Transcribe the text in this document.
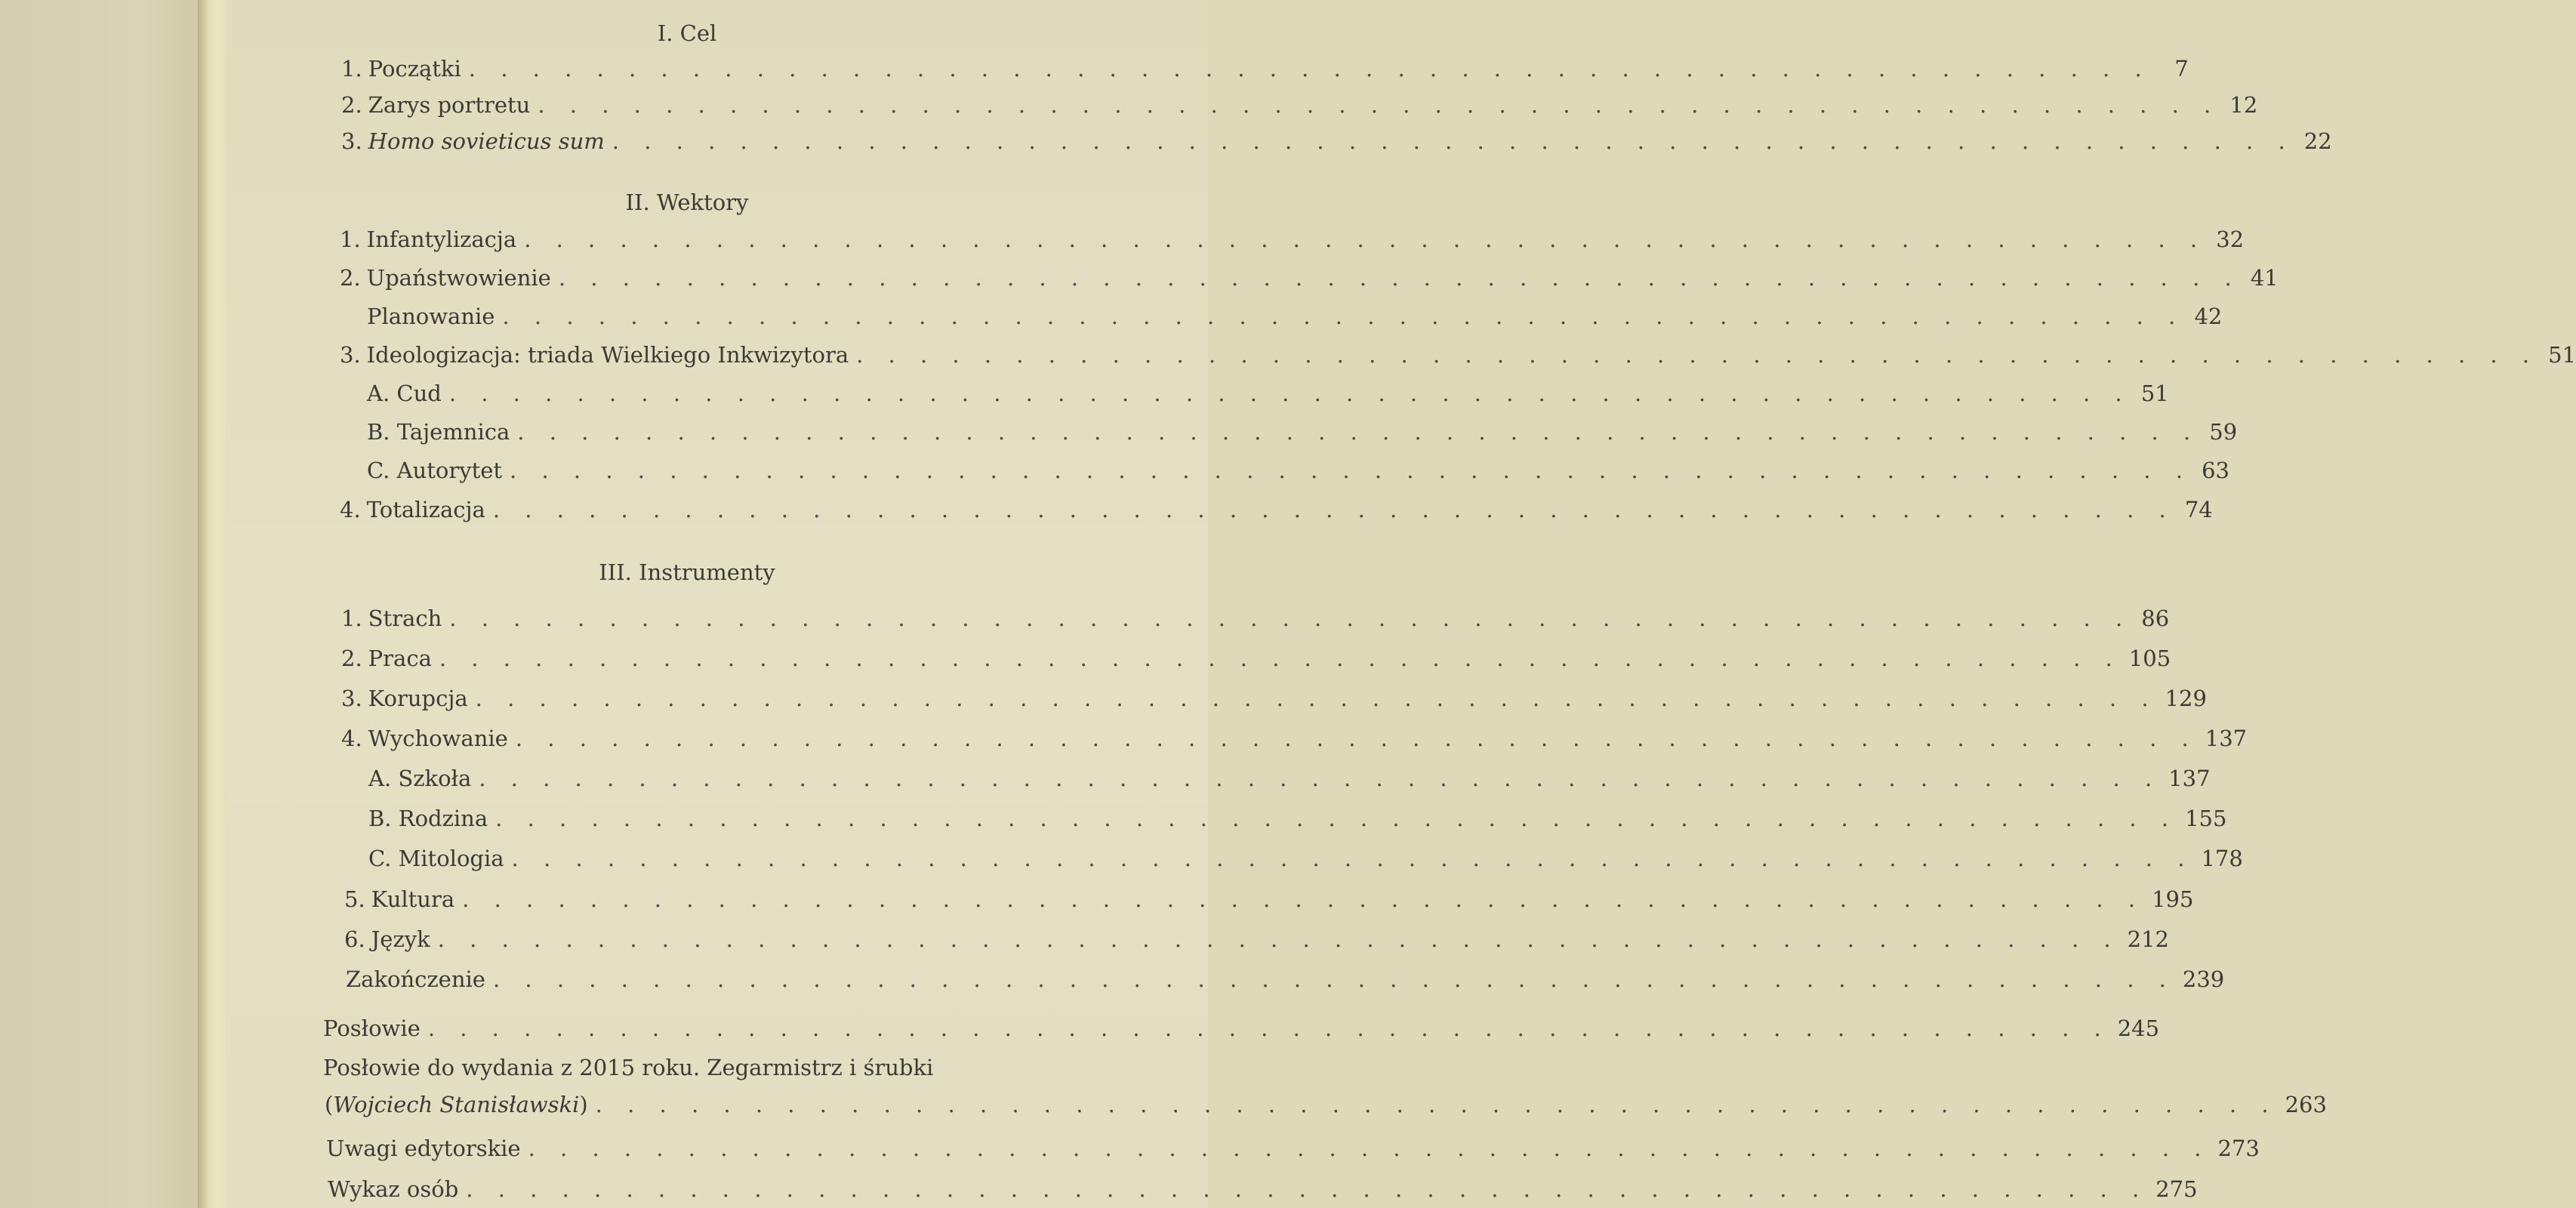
I. Cel
1. Początki . . . . . . . . . . . . . . . . . . . . . . . . . . . . . . . . . . . . . . . . . . . . . . . . . . . . .	7
2. Zarys portretu . . . . . . . . . . . . . . . . . . . . . . . . . . . . . . . . . . . . . . . . . . . . . . . . . . . . . 12
3. Homo sovieticus sum . . . . . . . . . . . . . . . . . . . . . . . . . . . . . . . . . . . . . . . . . . . . . . . . . . . . . 22
II. Wektory
1. Infantylizacja . . . . . . . . . . . . . . . . . . . . . . . . . . . . . . . . . . . . . . . . . . . . . . . . . . . . . 32
2. Upaństwowienie . . . . . . . . . . . . . . . . . . . . . . . . . . . . . . . . . . . . . . . . . . . . . . . . . . . . . 41
Planowanie . . . . . . . . . . . . . . . . . . . . . . . . . . . . . . . . . . . . . . . . . . . . . . . . . . . . . 42
3. Ideologizacja: triada Wielkiego Inkwizytora . . . . . . . . . . . . . . . . . . . . . . . . . . . . . . . . . . . . . . . . . . . . . . . . . . . . . 51
A. Cud . . . . . . . . . . . . . . . . . . . . . . . . . . . . . . . . . . . . . . . . . . . . . . . . . . . . . 51
B. Tajemnica . . . . . . . . . . . . . . . . . . . . . . . . . . . . . . . . . . . . . . . . . . . . . . . . . . . . . 59
C. Autorytet . . . . . . . . . . . . . . . . . . . . . . . . . . . . . . . . . . . . . . . . . . . . . . . . . . . . . 63
4. Totalizacja . . . . . . . . . . . . . . . . . . . . . . . . . . . . . . . . . . . . . . . . . . . . . . . . . . . . . 74
III. Instrumenty
1. Strach . . . . . . . . . . . . . . . . . . . . . . . . . . . . . . . . . . . . . . . . . . . . . . . . . . . . . 86
2. Praca . . . . . . . . . . . . . . . . . . . . . . . . . . . . . . . . . . . . . . . . . . . . . . . . . . . . . 105
3. Korupcja . . . . . . . . . . . . . . . . . . . . . . . . . . . . . . . . . . . . . . . . . . . . . . . . . . . . . 129
4. Wychowanie . . . . . . . . . . . . . . . . . . . . . . . . . . . . . . . . . . . . . . . . . . . . . . . . . . . . . 137
A. Szkoła . . . . . . . . . . . . . . . . . . . . . . . . . . . . . . . . . . . . . . . . . . . . . . . . . . . . . 137
B. Rodzina . . . . . . . . . . . . . . . . . . . . . . . . . . . . . . . . . . . . . . . . . . . . . . . . . . . . . 155
C. Mitologia . . . . . . . . . . . . . . . . . . . . . . . . . . . . . . . . . . . . . . . . . . . . . . . . . . . . . 178
5. Kultura . . . . . . . . . . . . . . . . . . . . . . . . . . . . . . . . . . . . . . . . . . . . . . . . . . . . . 195
6. Język . . . . . . . . . . . . . . . . . . . . . . . . . . . . . . . . . . . . . . . . . . . . . . . . . . . . . 212
Zakończenie . . . . . . . . . . . . . . . . . . . . . . . . . . . . . . . . . . . . . . . . . . . . . . . . . . . . . 239
Posłowie . . . . . . . . . . . . . . . . . . . . . . . . . . . . . . . . . . . . . . . . . . . . . . . . . . . . . 245
Posłowie do wydania z 2015 roku. Zegarmistrz i śrubki
(Wojciech Stanisławski) . . . . . . . . . . . . . . . . . . . . . . . . . . . . . . . . . . . . . . . . . . . . . . . . . . . . . 263
Uwagi edytorskie . . . . . . . . . . . . . . . . . . . . . . . . . . . . . . . . . . . . . . . . . . . . . . . . . . . . . 273
Wykaz osób . . . . . . . . . . . . . . . . . . . . . . . . . . . . . . . . . . . . . . . . . . . . . . . . . . . . . 275
